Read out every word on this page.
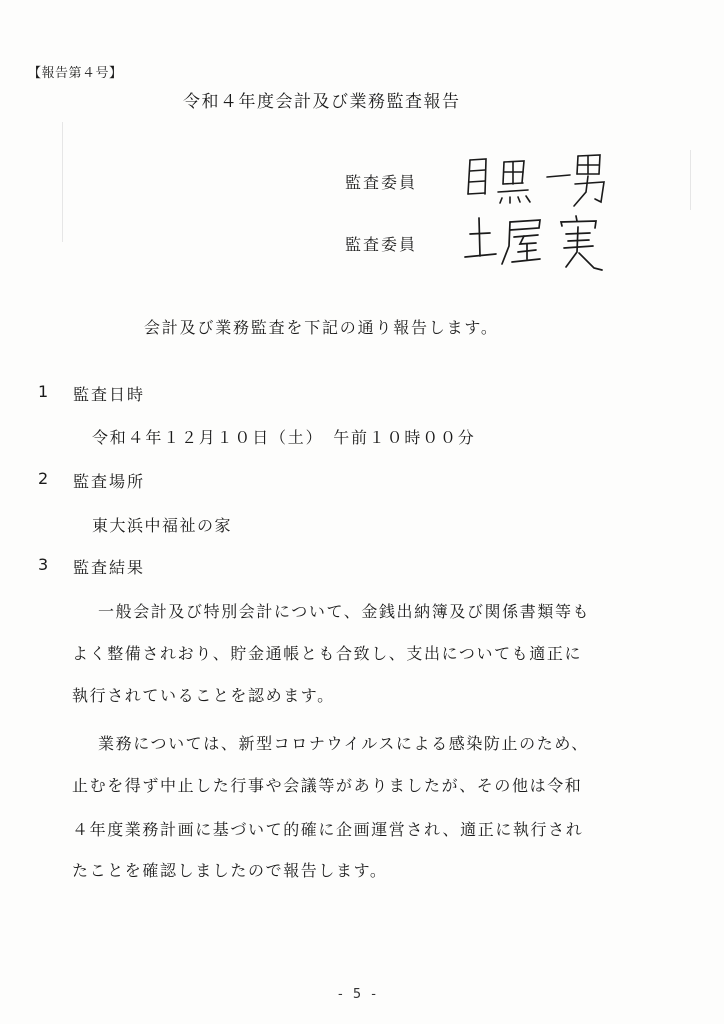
【報告第４号】
令和４年度会計及び業務監査報告
監査委員
監査委員
会計及び業務監査を下記の通り報告します。
1 監査日時
令和４年１２月１０日（土）　午前１０時００分
2 監査場所
東大浜中福祉の家
3 監査結果
一般会計及び特別会計について、金銭出納簿及び関係書類等も
よく整備されおり、貯金通帳とも合致し、支出についても適正に
執行されていることを認めます。
業務については、新型コロナウイルスによる感染防止のため、
止むを得ず中止した行事や会議等がありましたが、その他は令和
４年度業務計画に基づいて的確に企画運営され、適正に執行され
たことを確認しましたので報告します。
- 5 -
